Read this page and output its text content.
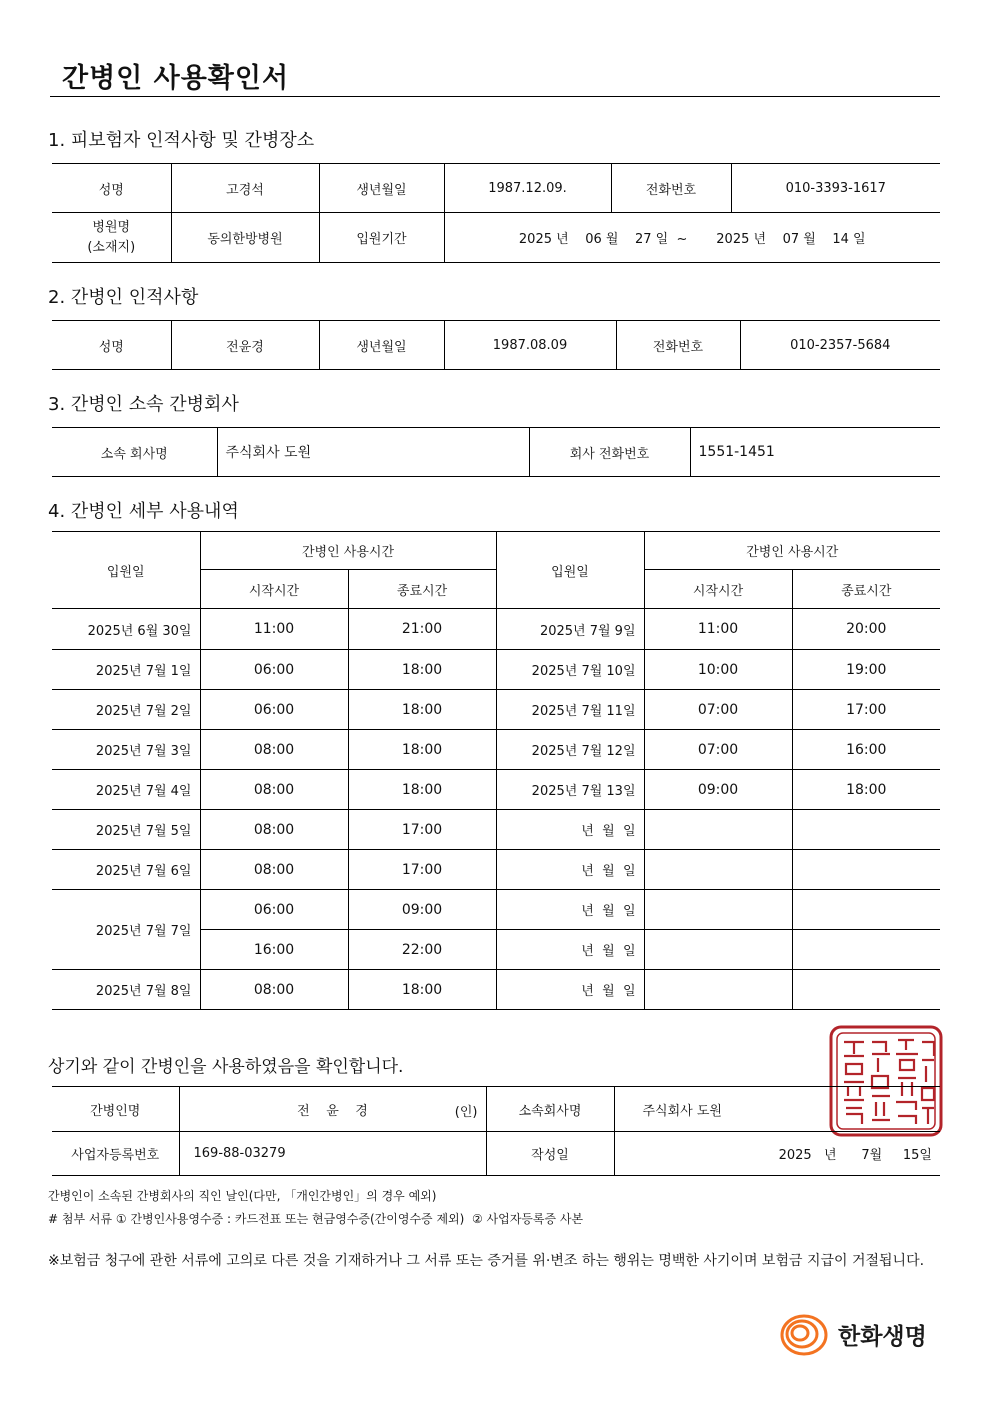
간병인 사용확인서
1. 피보험자 인적사항 및 간병장소
성명	고경석	생년월일	1987.12.09.	전화번호	010-3393-1617

병원명
(소재지)	동의한방병원	입원기간	2025 년    06 월    27 일  ~       2025 년    07 월    14 일		
2. 간병인 인적사항
성명	전윤경	생년월일	1987.08.09	전화번호	010-2357-5684
3. 간병인 소속 간병회사
소속 회사명	주식회사 도원	회사 전화번호	1551-1451
4. 간병인 세부 사용내역
입원일	간병인 사용시간		입원일	간병인 사용시간	
	시작시간	종료시간		시작시간	종료시간
2025년 6월 30일	11:00	21:00	2025년 7월 9일	11:00	20:00
2025년 7월 1일	06:00	18:00	2025년 7월 10일	10:00	19:00
2025년 7월 2일	06:00	18:00	2025년 7월 11일	07:00	17:00
2025년 7월 3일	08:00	18:00	2025년 7월 12일	07:00	16:00
2025년 7월 4일	08:00	18:00	2025년 7월 13일	09:00	18:00
2025년 7월 5일	08:00	17:00	년  월  일		
2025년 7월 6일	08:00	17:00	년  월  일		
2025년 7월 7일	06:00	09:00	년  월  일		
	16:00	22:00	년  월  일		
2025년 7월 8일	08:00	18:00	년  월  일		
상기와 같이 간병인을 사용하였음을 확인합니다.
간병인명	전    윤    경 (인)	소속회사명	주식회사 도원
사업자등록번호	169-88-03279	작성일	2025   년      7월     15일
간병인이 소속된 간병회사의 직인 날인(다만, 「개인간병인」의 경우 예외)
# 첨부 서류 ① 간병인사용영수증 : 카드전표 또는 현금영수증(간이영수증 제외)  ② 사업자등록증 사본
※보험금 청구에 관한 서류에 고의로 다른 것을 기재하거나 그 서류 또는 증거를 위·변조 하는 행위는 명백한 사기이며 보험금 지급이 거절됩니다.
한화생명
